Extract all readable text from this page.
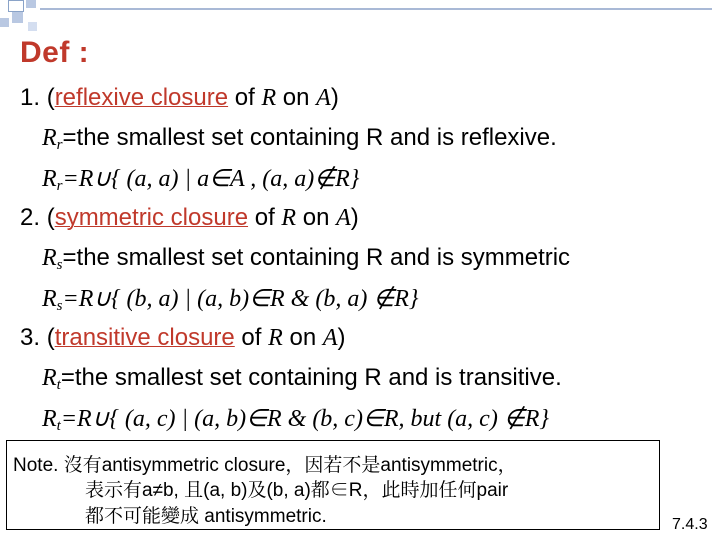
Def :
1. (reflexive closure of R on A)
$R_r=the$ smallest set containing R and is reflexive.
$R_r=R\cup${ (a, a) | a∈A , (a, a)∉R}
2. (symmetric closure of R on A)
$R_s=the$ smallest set containing R and is symmetric
$R_s=R\cup${ (b, a) | (a, b)∈R & (b, a) ∉R}
3. (transitive closure of R on A)
$R_t=the$ smallest set containing R and is transitive.
$R_t=R\cup${ (a, c) | (a, b)∈R & (b, c)∈R, but (a, c) ∉R}
Note. 沒有antisymmetric closure，因若不是antisymmetric，
表示有a≠b, 且(a, b)及(b, a)都∈R，此時加任何pair
都不可能變成 antisymmetric.	7.4.3
